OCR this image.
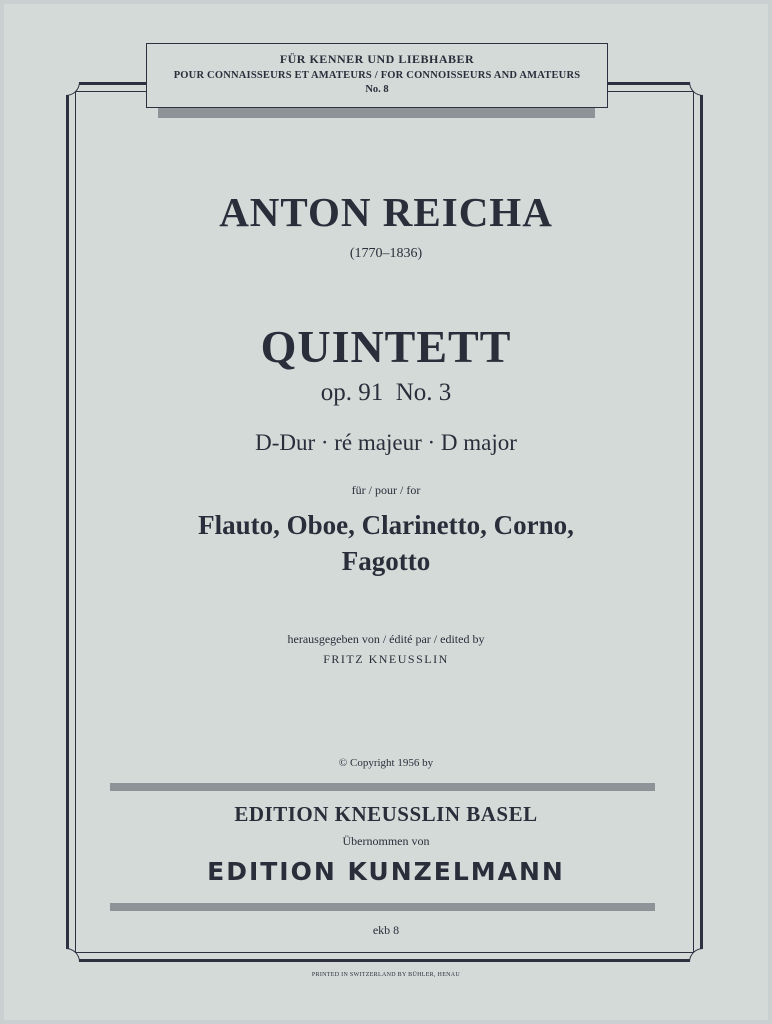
FÜR KENNER UND LIEBHABER
POUR CONNAISSEURS ET AMATEURS / FOR CONNOISSEURS AND AMATEURS
No. 8
ANTON REICHA
(1770–1836)
QUINTETT
op. 91  No. 3
D-Dur · ré majeur · D major
für / pour / for
Flauto, Oboe, Clarinetto, Corno,
Fagotto
herausgegeben von / édité par / edited by
FRITZ KNEUSSLIN
© Copyright 1956 by
EDITION KNEUSSLIN BASEL
Übernommen von
EDITION KUNZELMANN
ekb 8
PRINTED IN SWITZERLAND BY BÜHLER, HENAU
